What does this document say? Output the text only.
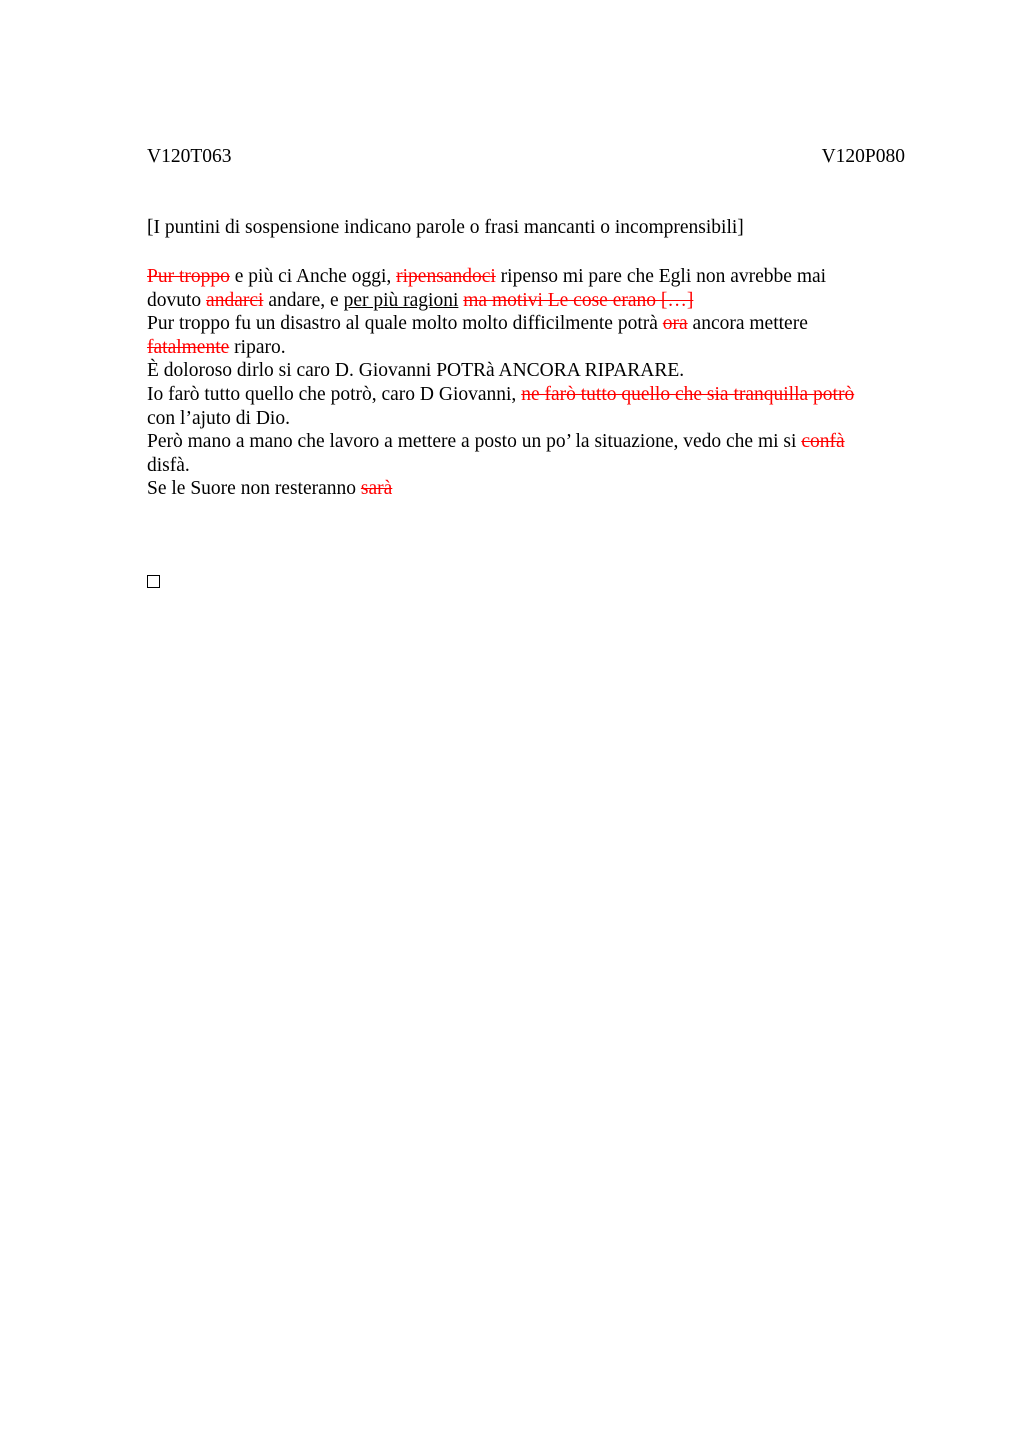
V120T063	V120P080
[I puntini di sospensione indicano parole o frasi mancanti o incomprensibili]
Pur troppo e più ci Anche oggi, ripensandoci ripenso mi pare che Egli non avrebbe mai
dovuto andarci andare, e per più ragioni ma motivi Le cose erano […]
Pur troppo fu un disastro al quale molto molto difficilmente potrà ora ancora mettere
fatalmente riparo.
È doloroso dirlo si caro D. Giovanni POTRà ANCORA RIPARARE.
Io farò tutto quello che potrò, caro D Giovanni, ne farò tutto quello che sia tranquilla potrò
con l’ajuto di Dio.
Però mano a mano che lavoro a mettere a posto un po’ la situazione, vedo che mi si confà
disfà.
Se le Suore non resteranno sarà
